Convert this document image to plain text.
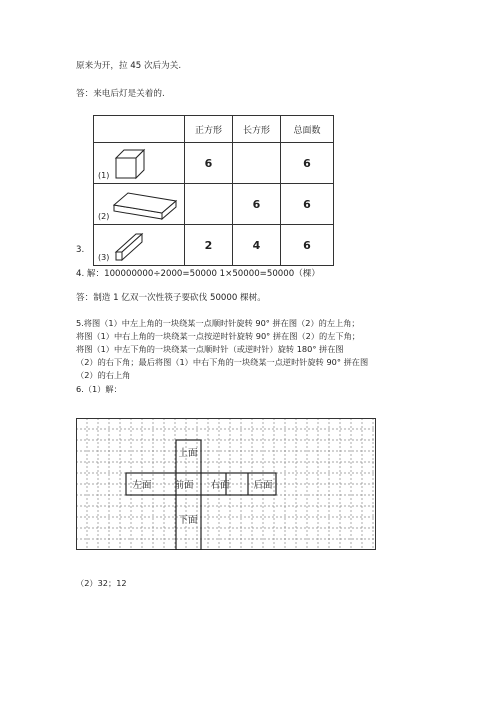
原来为开，拉 45 次后为关.
答：来电后灯是关着的.
3.
	正方形	长方形	总面数

(1)	6		6

(2)		6	6

(3)	2	4	6
4. 解：100000000÷2000=50000 1×50000=50000（棵）
答：制造 1 亿双一次性筷子要砍伐 50000 棵树。
5.将图（1）中左上角的一块绕某一点顺时针旋转 90° 拼在图（2）的左上角；
将图（1）中右上角的一块绕某一点按逆时针旋转 90° 拼在图（2）的左下角；
将图（1）中左下角的一块绕某一点顺时针（或逆时针）旋转 180° 拼在图
（2）的右下角；最后将图（1）中右下角的一块绕某一点逆时针旋转 90° 拼在图
（2）的右上角
6.（1）解：
上面
左面 前面 右面	后面
下面
（2）32；12
